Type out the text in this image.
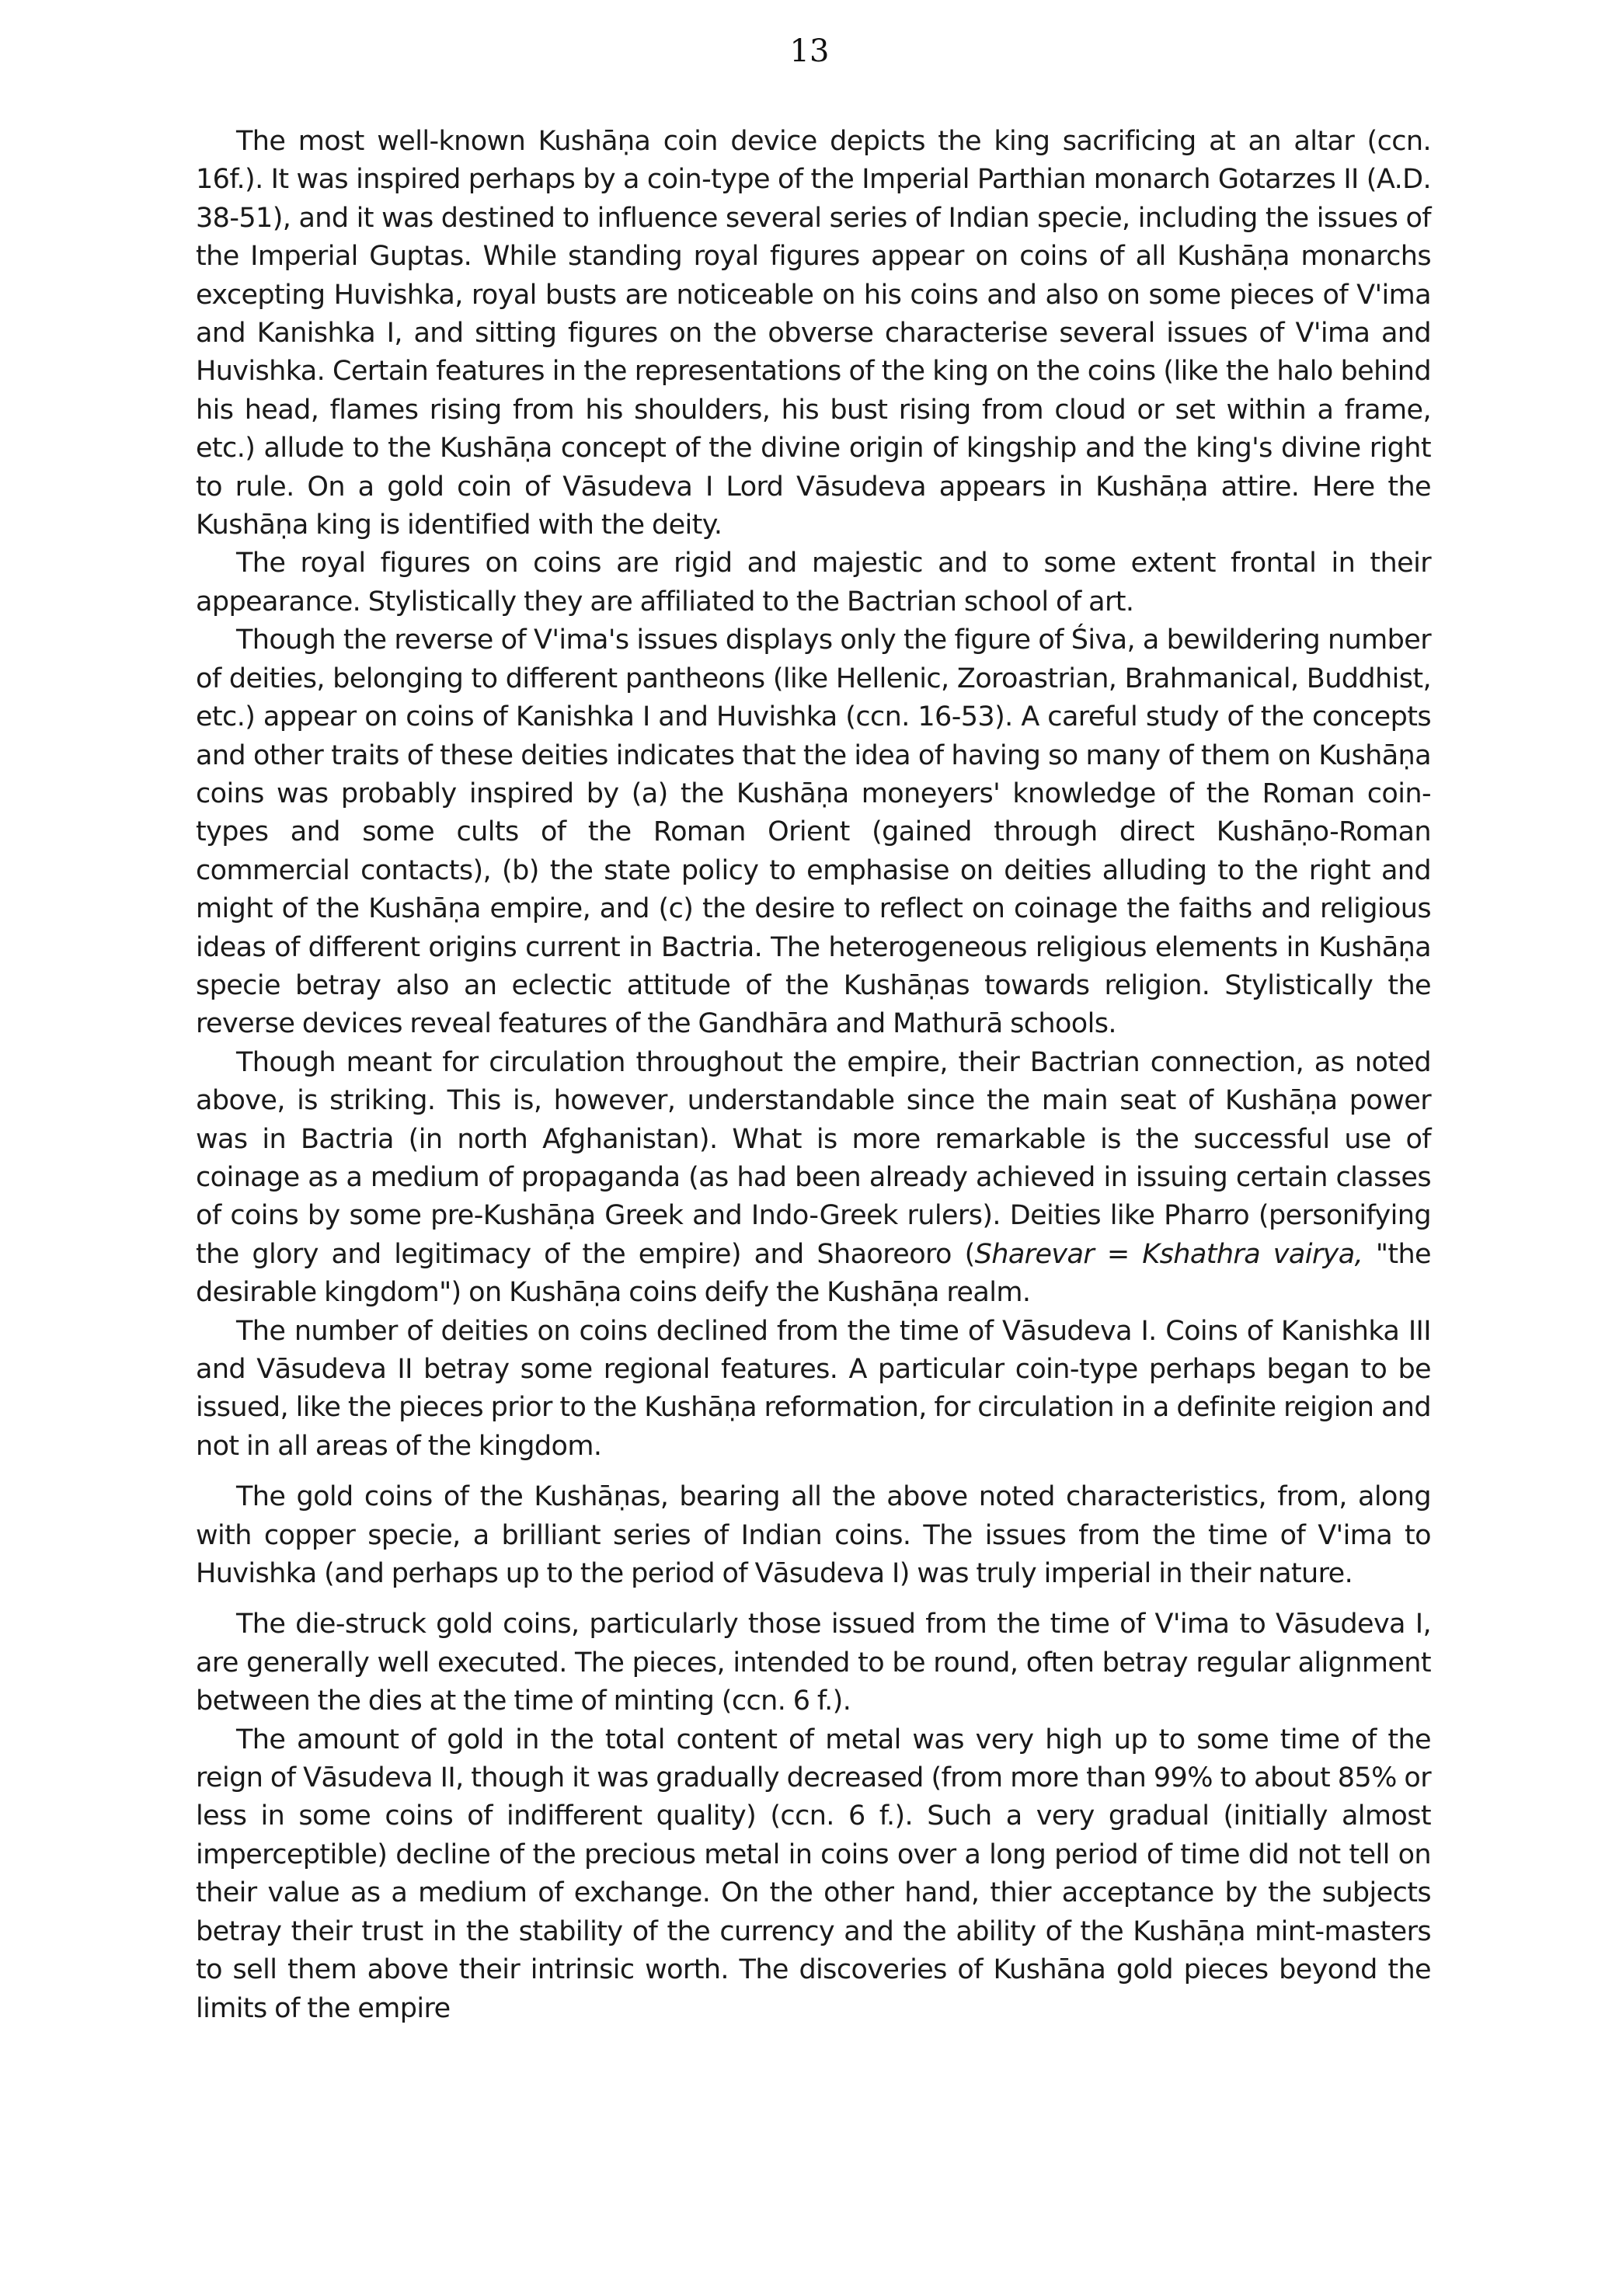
13

The most well-known Kushāṇa coin device depicts the king sacrificing at an altar (ccn. 16f.). It was inspired perhaps by a coin-type of the Imperial Parthian monarch Gotarzes II (A.D. 38-51), and it was destined to influence several series of Indian specie, including the issues of the Imperial Guptas. While standing royal figures appear on coins of all Kushāṇa monarchs excepting Huvishka, royal busts are noticeable on his coins and also on some pieces of V'ima and Kanishka I, and sitting figures on the obverse characterise several issues of V'ima and Huvishka. Certain features in the representations of the king on the coins (like the halo behind his head, flames rising from his shoulders, his bust rising from cloud or set within a frame, etc.) allude to the Kushāṇa concept of the divine origin of kingship and the king's divine right to rule. On a gold coin of Vāsudeva I Lord Vāsudeva appears in Kushāṇa attire. Here the Kushāṇa king is identified with the deity.

The royal figures on coins are rigid and majestic and to some extent frontal in their appearance. Stylistically they are affiliated to the Bactrian school of art.

Though the reverse of V'ima's issues displays only the figure of Śiva, a bewildering number of deities, belonging to different pantheons (like Hellenic, Zoroastrian, Brahmanical, Buddhist, etc.) appear on coins of Kanishka I and Huvishka (ccn. 16-53). A careful study of the concepts and other traits of these deities indicates that the idea of having so many of them on Kushāṇa coins was probably inspired by (a) the Kushāṇa moneyers' knowledge of the Roman coin-types and some cults of the Roman Orient (gained through direct Kushāṇo-Roman commercial contacts), (b) the state policy to emphasise on deities alluding to the right and might of the Kushāṇa empire, and (c) the desire to reflect on coinage the faiths and religious ideas of different origins current in Bactria. The heterogeneous religious elements in Kushāṇa specie betray also an eclectic attitude of the Kushāṇas towards religion. Stylistically the reverse devices reveal features of the Gandhāra and Mathurā schools.

Though meant for circulation throughout the empire, their Bactrian connection, as noted above, is striking. This is, however, understandable since the main seat of Kushāṇa power was in Bactria (in north Afghanistan). What is more remarkable is the successful use of coinage as a medium of propaganda (as had been already achieved in issuing certain classes of coins by some pre-Kushāṇa Greek and Indo-Greek rulers). Deities like Pharro (personifying the glory and legitimacy of the empire) and Shaoreoro (Sharevar = Kshathra vairya, "the desirable kingdom") on Kushāṇa coins deify the Kushāṇa realm.

The number of deities on coins declined from the time of Vāsudeva I. Coins of Kanishka III and Vāsudeva II betray some regional features. A particular coin-type perhaps began to be issued, like the pieces prior to the Kushāṇa reformation, for circulation in a definite reigion and not in all areas of the kingdom.

The gold coins of the Kushāṇas, bearing all the above noted characteristics, from, along with copper specie, a brilliant series of Indian coins. The issues from the time of V'ima to Huvishka (and perhaps up to the period of Vāsudeva I) was truly imperial in their nature.

The die-struck gold coins, particularly those issued from the time of V'ima to Vāsudeva I, are generally well executed. The pieces, intended to be round, often betray regular alignment between the dies at the time of minting (ccn. 6 f.).

The amount of gold in the total content of metal was very high up to some time of the reign of Vāsudeva II, though it was gradually decreased (from more than 99% to about 85% or less in some coins of indifferent quality) (ccn. 6 f.). Such a very gradual (initially almost imperceptible) decline of the precious metal in coins over a long period of time did not tell on their value as a medium of exchange. On the other hand, thier acceptance by the subjects betray their trust in the stability of the currency and the ability of the Kushāṇa mint-masters to sell them above their intrinsic worth. The discoveries of Kushāna gold pieces beyond the limits of the empire
